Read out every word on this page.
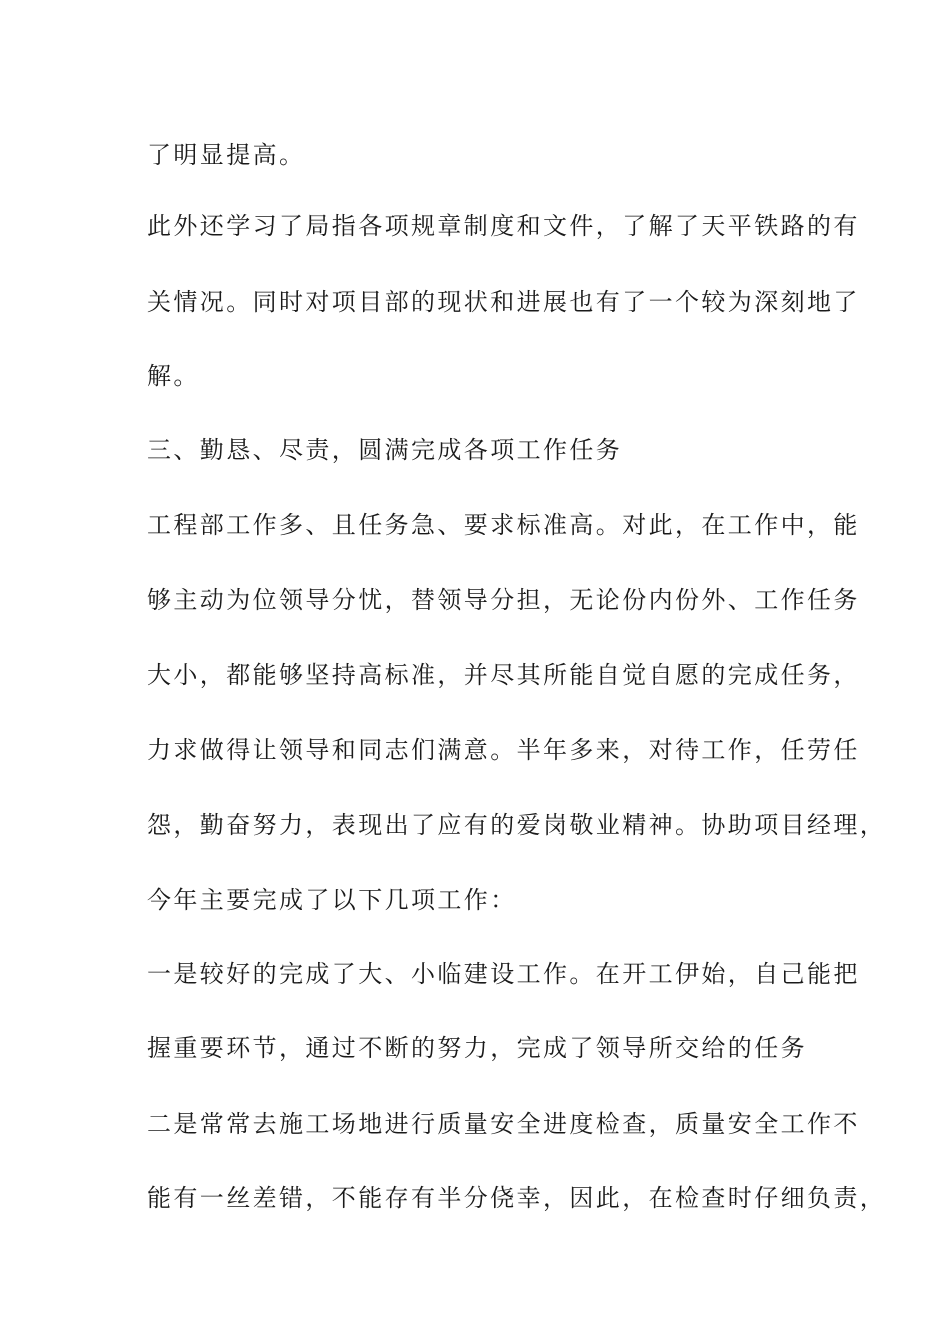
了明显提高。
此外还学习了局指各项规章制度和文件，了解了天平铁路的有
关情况。同时对项目部的现状和进展也有了一个较为深刻地了
解。
三、勤恳、尽责，圆满完成各项工作任务
工程部工作多、且任务急、要求标准高。对此，在工作中，能
够主动为位领导分忧，替领导分担，无论份内份外、工作任务
大小，都能够坚持高标准，并尽其所能自觉自愿的完成任务，
力求做得让领导和同志们满意。半年多来，对待工作，任劳任
怨，勤奋努力，表现出了应有的爱岗敬业精神。协助项目经理，
今年主要完成了以下几项工作：
一是较好的完成了大、小临建设工作。在开工伊始，自己能把
握重要环节，通过不断的努力，完成了领导所交给的任务
二是常常去施工场地进行质量安全进度检查，质量安全工作不
能有一丝差错，不能存有半分侥幸，因此，在检查时仔细负责，
